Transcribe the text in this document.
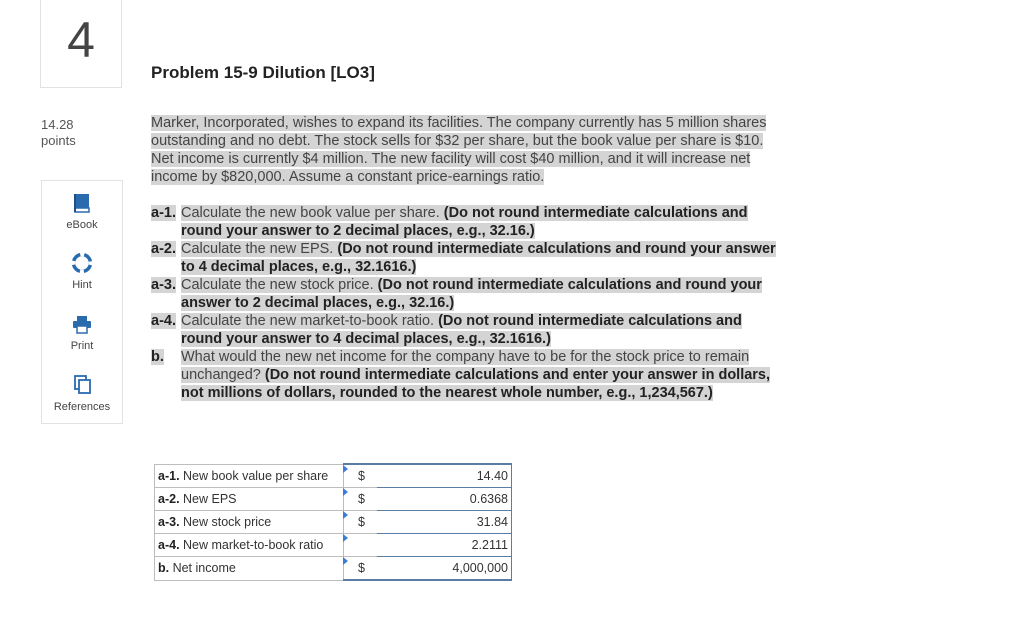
4
14.28
points
eBook
Hint
Print
References
Problem 15-9 Dilution [LO3]
Marker, Incorporated, wishes to expand its facilities. The company currently has 5 million shares outstanding and no debt. The stock sells for $32 per share, but the book value per share is $10. Net income is currently $4 million. The new facility will cost $40 million, and it will increase net income by $820,000. Assume a constant price-earnings ratio.
a-1. Calculate the new book value per share. (Do not round intermediate calculations and round your answer to 2 decimal places, e.g., 32.16.)
a-2. Calculate the new EPS. (Do not round intermediate calculations and round your answer to 4 decimal places, e.g., 32.1616.)
a-3. Calculate the new stock price. (Do not round intermediate calculations and round your answer to 2 decimal places, e.g., 32.16.)
a-4. Calculate the new market-to-book ratio. (Do not round intermediate calculations and round your answer to 4 decimal places, e.g., 32.1616.)
b.	What would the new net income for the company have to be for the stock price to remain unchanged? (Do not round intermediate calculations and enter your answer in dollars, not millions of dollars, rounded to the nearest whole number, e.g., 1,234,567.)
a-1. New book value per share	$	14.40
a-2. New EPS	$	0.6368
a-3. New stock price	$	31.84
a-4. New market-to-book ratio		2.2111
b. Net income	$	4,000,000
